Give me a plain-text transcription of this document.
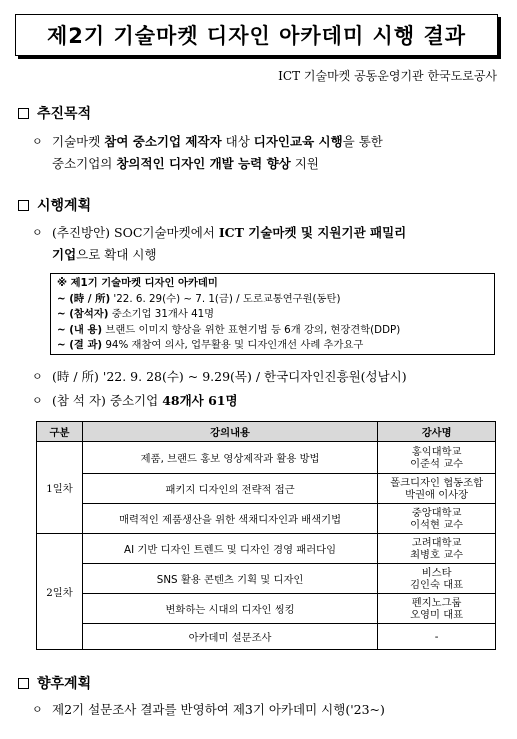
제2기 기술마켓 디자인 아카데미 시행 결과
ICT 기술마켓 공동운영기관 한국도로공사
추진목적
ㅇ 기술마켓 참여 중소기업 제작자 대상 디자인교육 시행을 통한
중소기업의 창의적인 디자인 개발 능력 향상 지원
시행계획
ㅇ (추진방안) SOC기술마켓에서 ICT 기술마켓 및 지원기관 패밀리
기업으로 확대 시행
※ 제1기 기술마켓 디자인 아카데미
~ (時 / 所) '22. 6. 29(수) ~ 7. 1(금) / 도로교통연구원(동탄)
~ (참석자) 중소기업 31개사 41명
~ (내 용) 브랜드 이미지 향상을 위한 표현기법 등 6개 강의, 현장견학(DDP)
~ (결 과) 94% 재참여 의사, 업무활용 및 디자인개선 사례 추가요구
ㅇ (時 / 所) '22. 9. 28(수) ~ 9.29(목) / 한국디자인진흥원(성남시)
ㅇ (참 석 자) 중소기업 48개사 61명
구분	강의내용	강사명
1일차	제품, 브랜드 홍보 영상제작과 활용 방법	홍익대학교
이준석 교수
	패키지 디자인의 전략적 접근	폴크디자인 협동조합
박권애 이사장
	매력적인 제품생산을 위한 색채디자인과 배색기법	중앙대학교
이석현 교수
2일차	AI 기반 디자인 트렌드 및 디자인 경영 패러다임	고려대학교
최병호 교수
	SNS 활용 콘텐츠 기획 및 디자인	비스타
김인숙 대표
	변화하는 시대의 디자인 씽킹	펜지노그룹
오영미 대표
	아카데미 설문조사	-
향후계획
ㅇ 제2기 설문조사 결과를 반영하여 제3기 아카데미 시행('23~)
